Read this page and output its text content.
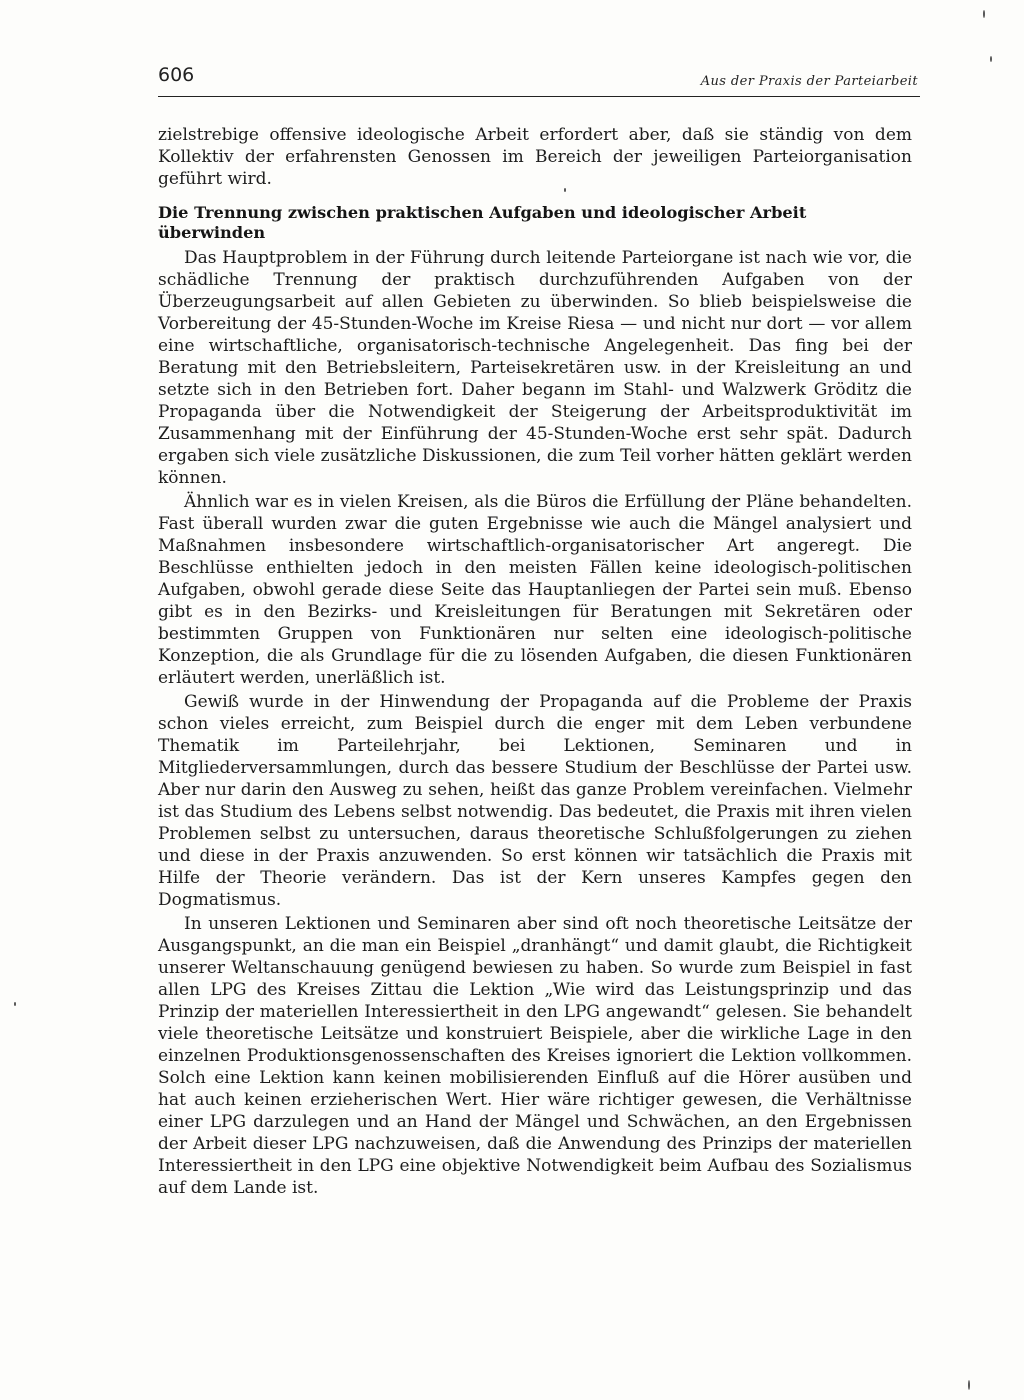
606	Aus der Praxis der Parteiarbeit

zielstrebige offensive ideologische Arbeit erfordert aber, daß sie ständig von dem Kollektiv der erfahrensten Genossen im Bereich der jeweiligen Parteiorganisation geführt wird.

Die Trennung zwischen praktischen Aufgaben und ideologischer Arbeit überwinden

Das Hauptproblem in der Führung durch leitende Parteiorgane ist nach wie vor, die schädliche Trennung der praktisch durchzuführenden Aufgaben von der Überzeugungsarbeit auf allen Gebieten zu überwinden. So blieb beispielsweise die Vorbereitung der 45-Stunden-Woche im Kreise Riesa — und nicht nur dort — vor allem eine wirtschaftliche, organisatorisch-technische Angelegenheit. Das fing bei der Beratung mit den Betriebsleitern, Parteisekretären usw. in der Kreisleitung an und setzte sich in den Betrieben fort. Daher begann im Stahl- und Walzwerk Gröditz die Propaganda über die Notwendigkeit der Steigerung der Arbeitsproduktivität im Zusammenhang mit der Einführung der 45-Stunden-Woche erst sehr spät. Dadurch ergaben sich viele zusätzliche Diskussionen, die zum Teil vorher hätten geklärt werden können.

Ähnlich war es in vielen Kreisen, als die Büros die Erfüllung der Pläne behandelten. Fast überall wurden zwar die guten Ergebnisse wie auch die Mängel analysiert und Maßnahmen insbesondere wirtschaftlich-organisatorischer Art angeregt. Die Beschlüsse enthielten jedoch in den meisten Fällen keine ideologisch-politischen Aufgaben, obwohl gerade diese Seite das Hauptanliegen der Partei sein muß. Ebenso gibt es in den Bezirks- und Kreisleitungen für Beratungen mit Sekretären oder bestimmten Gruppen von Funktionären nur selten eine ideologisch-politische Konzeption, die als Grundlage für die zu lösenden Aufgaben, die diesen Funktionären erläutert werden, unerläßlich ist.

Gewiß wurde in der Hinwendung der Propaganda auf die Probleme der Praxis schon vieles erreicht, zum Beispiel durch die enger mit dem Leben verbundene Thematik im Parteilehrjahr, bei Lektionen, Seminaren und in Mitgliederversammlungen, durch das bessere Studium der Beschlüsse der Partei usw. Aber nur darin den Ausweg zu sehen, heißt das ganze Problem vereinfachen. Vielmehr ist das Studium des Lebens selbst notwendig. Das bedeutet, die Praxis mit ihren vielen Problemen selbst zu untersuchen, daraus theoretische Schlußfolgerungen zu ziehen und diese in der Praxis anzuwenden. So erst können wir tatsächlich die Praxis mit Hilfe der Theorie verändern. Das ist der Kern unseres Kampfes gegen den Dogmatismus.

In unseren Lektionen und Seminaren aber sind oft noch theoretische Leitsätze der Ausgangspunkt, an die man ein Beispiel „dranhängt“ und damit glaubt, die Richtigkeit unserer Weltanschauung genügend bewiesen zu haben. So wurde zum Beispiel in fast allen LPG des Kreises Zittau die Lektion „Wie wird das Leistungsprinzip und das Prinzip der materiellen Interessiertheit in den LPG angewandt“ gelesen. Sie behandelt viele theoretische Leitsätze und konstruiert Beispiele, aber die wirkliche Lage in den einzelnen Produktionsgenossenschaften des Kreises ignoriert die Lektion vollkommen. Solch eine Lektion kann keinen mobilisierenden Einfluß auf die Hörer ausüben und hat auch keinen erzieherischen Wert. Hier wäre richtiger gewesen, die Verhältnisse einer LPG darzulegen und an Hand der Mängel und Schwächen, an den Ergebnissen der Arbeit dieser LPG nachzuweisen, daß die Anwendung des Prinzips der materiellen Interessiertheit in den LPG eine objektive Notwendigkeit beim Aufbau des Sozialismus auf dem Lande ist.
